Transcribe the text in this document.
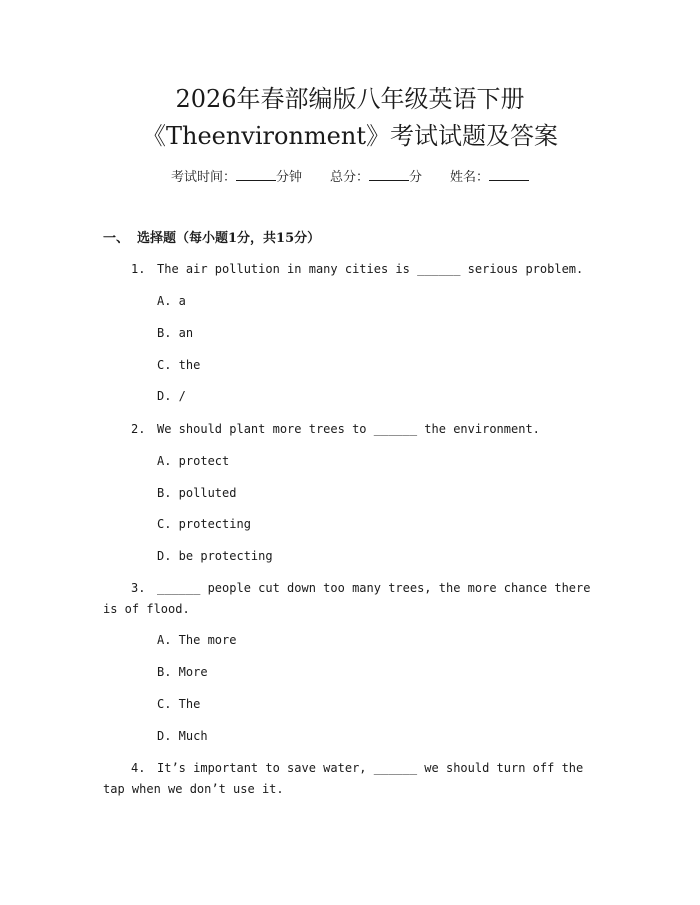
2026年春部编版八年级英语下册
《Theenvironment》考试试题及答案
考试时间：	分钟 总分：	分 姓名：
一、 选择题（每小题1分，共15分）
1. The air pollution in many cities is ______ serious problem.
A. a
B. an
C. the
D. /
2. We should plant more trees to ______ the environment.
A. protect
B. polluted
C. protecting
D. be protecting
3. ______ people cut down too many trees, the more chance there is of flood.
A. The more
B. More
C. The
D. Much
4. It’s important to save water, ______ we should turn off the tap when we don’t use it.
